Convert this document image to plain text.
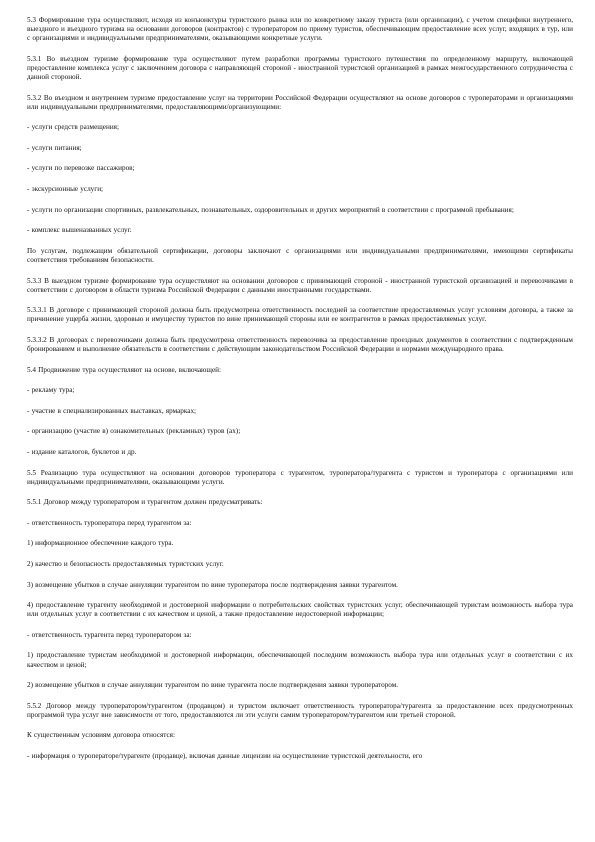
5.3 Формирование тура осуществляют, исходя из конъюнктуры туристского рынка или по конкретному заказу туриста (или организации), с учетом специфики внутреннего, выездного и въездного туризма на основании договоров (контрактов) с туроператором по приему туристов, обеспечивающим предоставление всех услуг, входящих в тур, или с организациями и индивидуальными предпринимателями, оказывающими конкретные услуги.

5.3.1 Во въездном туризме формирование тура осуществляют путем разработки программы туристского путешествия по определенному маршруту, включающей предоставление комплекса услуг с заключением договора с направляющей стороной - иностранной туристской организацией в рамках межгосударственного сотрудничества с данной стороной.

5.3.2 Во въездном и внутреннем туризме предоставление услуг на территории Российской Федерации осуществляют на основе договоров с туроператорами и организациями или индивидуальными предпринимателями, предоставляющими/организующими:

- услуги средств размещения;

- услуги питания;

- услуги по перевозке пассажиров;

- экскурсионные услуги;

- услуги по организации спортивных, развлекательных, познавательных, оздоровительных и других мероприятий в соответствии с программой пребывания;

- комплекс вышеназванных услуг.

По услугам, подлежащим обязательной сертификации, договоры заключают с организациями или индивидуальными предпринимателями, имеющими сертификаты соответствия требованиям безопасности.

5.3.3 В выездном туризме формирование тура осуществляют на основании договоров с принимающей стороной - иностранной туристской организацией и перевозчиками в соответствии с договором в области туризма Российской Федерации с данными иностранными государствами.

5.3.3.1 В договоре с принимающей стороной должна быть предусмотрена ответственность последней за соответствие предоставляемых услуг условиям договора, а также за причинение ущерба жизни, здоровью и имуществу туристов по вине принимающей стороны или ее контрагентов в рамках предоставляемых услуг.

5.3.3.2 В договорах с перевозчиками должна быть предусмотрена ответственность перевозчика за предоставление проездных документов в соответствии с подтвержденным бронированием и выполнение обязательств в соответствии с действующим законодательством Российской Федерации и нормами международного права.

5.4 Продвижение тура осуществляют на основе, включающей:

- рекламу тура;

- участие в специализированных выставках, ярмарках;

- организацию (участие в) ознакомительных (рекламных) туров (ах);

- издание каталогов, буклетов и др.

5.5 Реализацию тура осуществляют на основании договоров туроператора с турагентом, туроператора/турагента с туристом и туроператора с организациями или индивидуальными предпринимателями, оказывающими услуги.

5.5.1 Договор между туроператором и турагентом должен предусматривать:

- ответственность туроператора перед турагентом за:

1) информационное обеспечение каждого тура.

2) качество и безопасность предоставляемых туристских услуг.

3) возмещение убытков в случае аннуляции турагентом по вине туроператора после подтверждения заявки турагентом.

4) предоставление турагенту необходимой и достоверной информации о потребительских свойствах туристских услуг, обеспечивающей туристам возможность выбора тура или отдельных услуг в соответствии с их качеством и ценой, а также предоставление недостоверной информации;

- ответственность турагента перед туроператором за:

1) предоставление туристам необходимой и достоверной информации, обеспечивающей последним возможность выбора тура или отдельных услуг в соответствии с их качеством и ценой;

2) возмещение убытков в случае аннуляции турагентом по вине турагента после подтверждения заявки туроператором.

5.5.2 Договор между туроператором/турагентом (продавцом) и туристом включает ответственность туроператора/турагента за предоставление всех предусмотренных программой тура услуг вне зависимости от того, предоставляются ли эти услуги самим туроператором/турагентом или третьей стороной.

К существенным условиям договора относятся:

- информация о туроператоре/турагенте (продавце), включая данные лицензии на осуществление туристской деятельности, его
